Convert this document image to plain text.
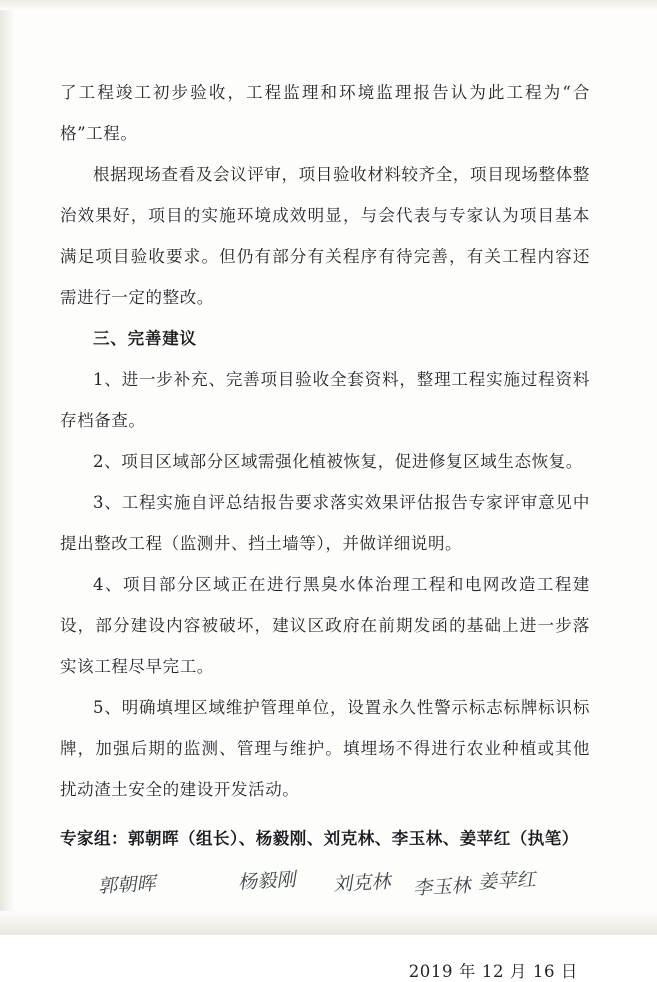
了工程竣工初步验收，工程监理和环境监理报告认为此工程为“合格”工程。

根据现场查看及会议评审，项目验收材料较齐全，项目现场整体整治效果好，项目的实施环境成效明显，与会代表与专家认为项目基本满足项目验收要求。但仍有部分有关程序有待完善，有关工程内容还需进行一定的整改。

三、完善建议

1、进一步补充、完善项目验收全套资料，整理工程实施过程资料存档备查。

2、项目区域部分区域需强化植被恢复，促进修复区域生态恢复。

3、工程实施自评总结报告要求落实效果评估报告专家评审意见中提出整改工程（监测井、挡土墙等），并做详细说明。

4、项目部分区域正在进行黑臭水体治理工程和电网改造工程建设，部分建设内容被破坏，建议区政府在前期发函的基础上进一步落实该工程尽早完工。

5、明确填埋区域维护管理单位，设置永久性警示标志标牌标识标牌，加强后期的监测、管理与维护。填埋场不得进行农业种植或其他扰动渣土安全的建设开发活动。

专家组：郭朝晖（组长）、杨毅刚、刘克林、李玉林、姜苹红（执笔）

郭朝晖	杨毅刚 刘克林 李玉林 姜苹红
2019 年 12 月 16 日
